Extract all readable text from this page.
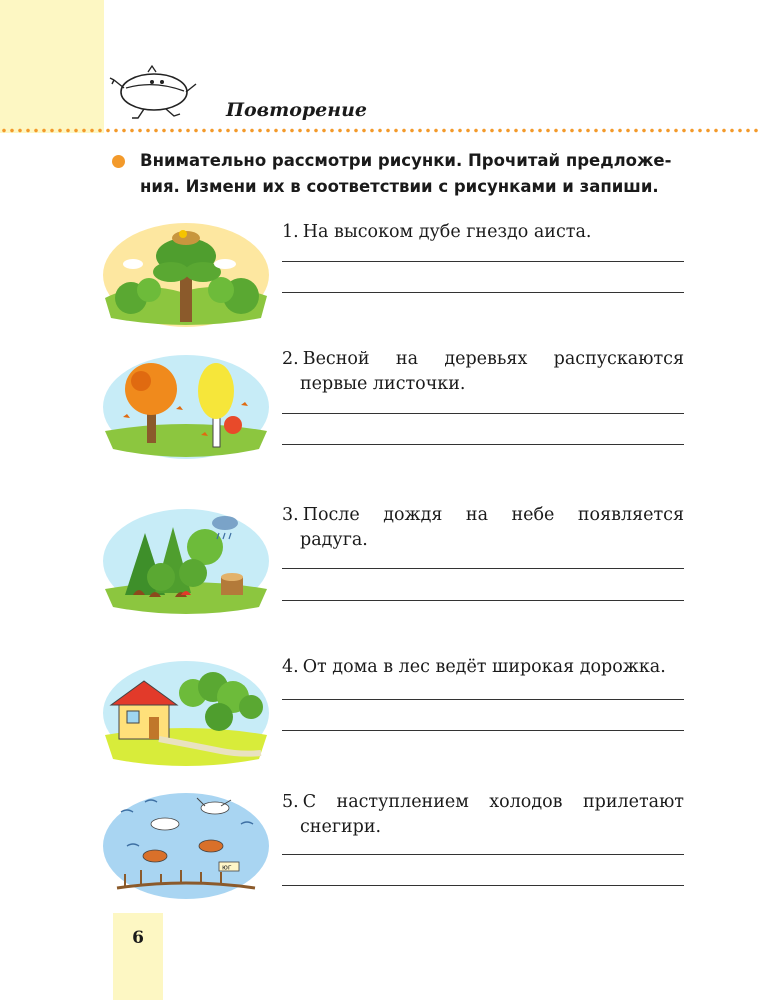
Повторение
Внимательно рассмотри рисунки. Прочитай предложе-
ния. Измени их в соответствии с рисунками и запиши.
1. На высоком дубе гнездо аиста.
2. Весной на деревьях распускаются
первые листочки.
3. После дождя на небе появляется
радуга.
4. От дома в лес ведёт широкая дорожка.
юг
5. С наступлением холодов прилетают
снегири.
6
